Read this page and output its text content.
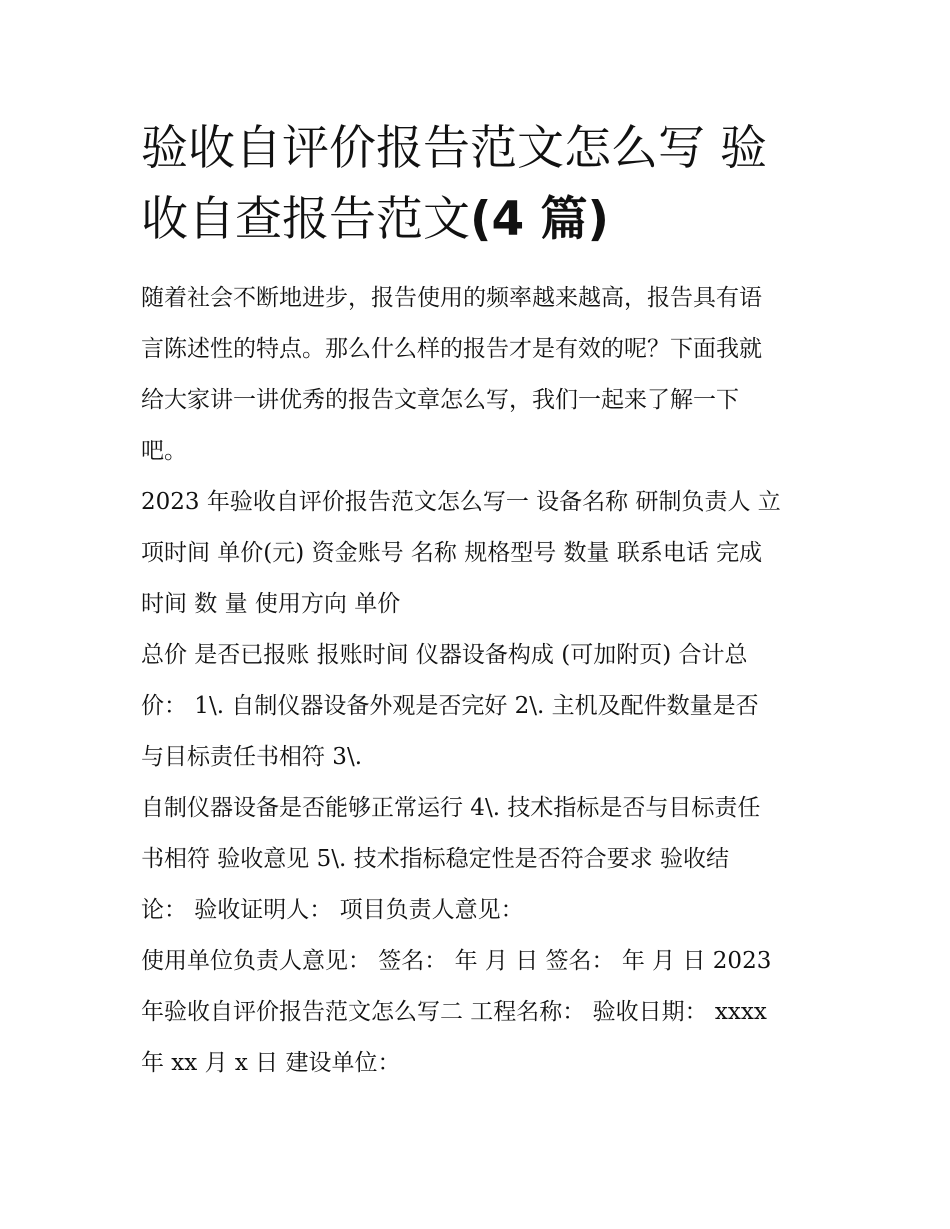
验收自评价报告范文怎么写 验
收自查报告范文(4 篇)

随着社会不断地进步，报告使用的频率越来越高，报告具有语
言陈述性的特点。那么什么样的报告才是有效的呢？下面我就
给大家讲一讲优秀的报告文章怎么写，我们一起来了解一下
吧。

2023 年验收自评价报告范文怎么写一 设备名称 研制负责人 立
项时间 单价(元) 资金账号 名称 规格型号 数量 联系电话 完成
时间 数 量 使用方向 单价

总价 是否已报账 报账时间 仪器设备构成 (可加附页) 合计总
价： 1\. 自制仪器设备外观是否完好 2\. 主机及配件数量是否
与目标责任书相符 3\.

自制仪器设备是否能够正常运行 4\. 技术指标是否与目标责任
书相符 验收意见 5\. 技术指标稳定性是否符合要求 验收结
论： 验收证明人： 项目负责人意见：

使用单位负责人意见： 签名： 年 月 日 签名： 年 月 日 2023
年验收自评价报告范文怎么写二 工程名称： 验收日期： xxxx
年 xx 月 x 日 建设单位：
